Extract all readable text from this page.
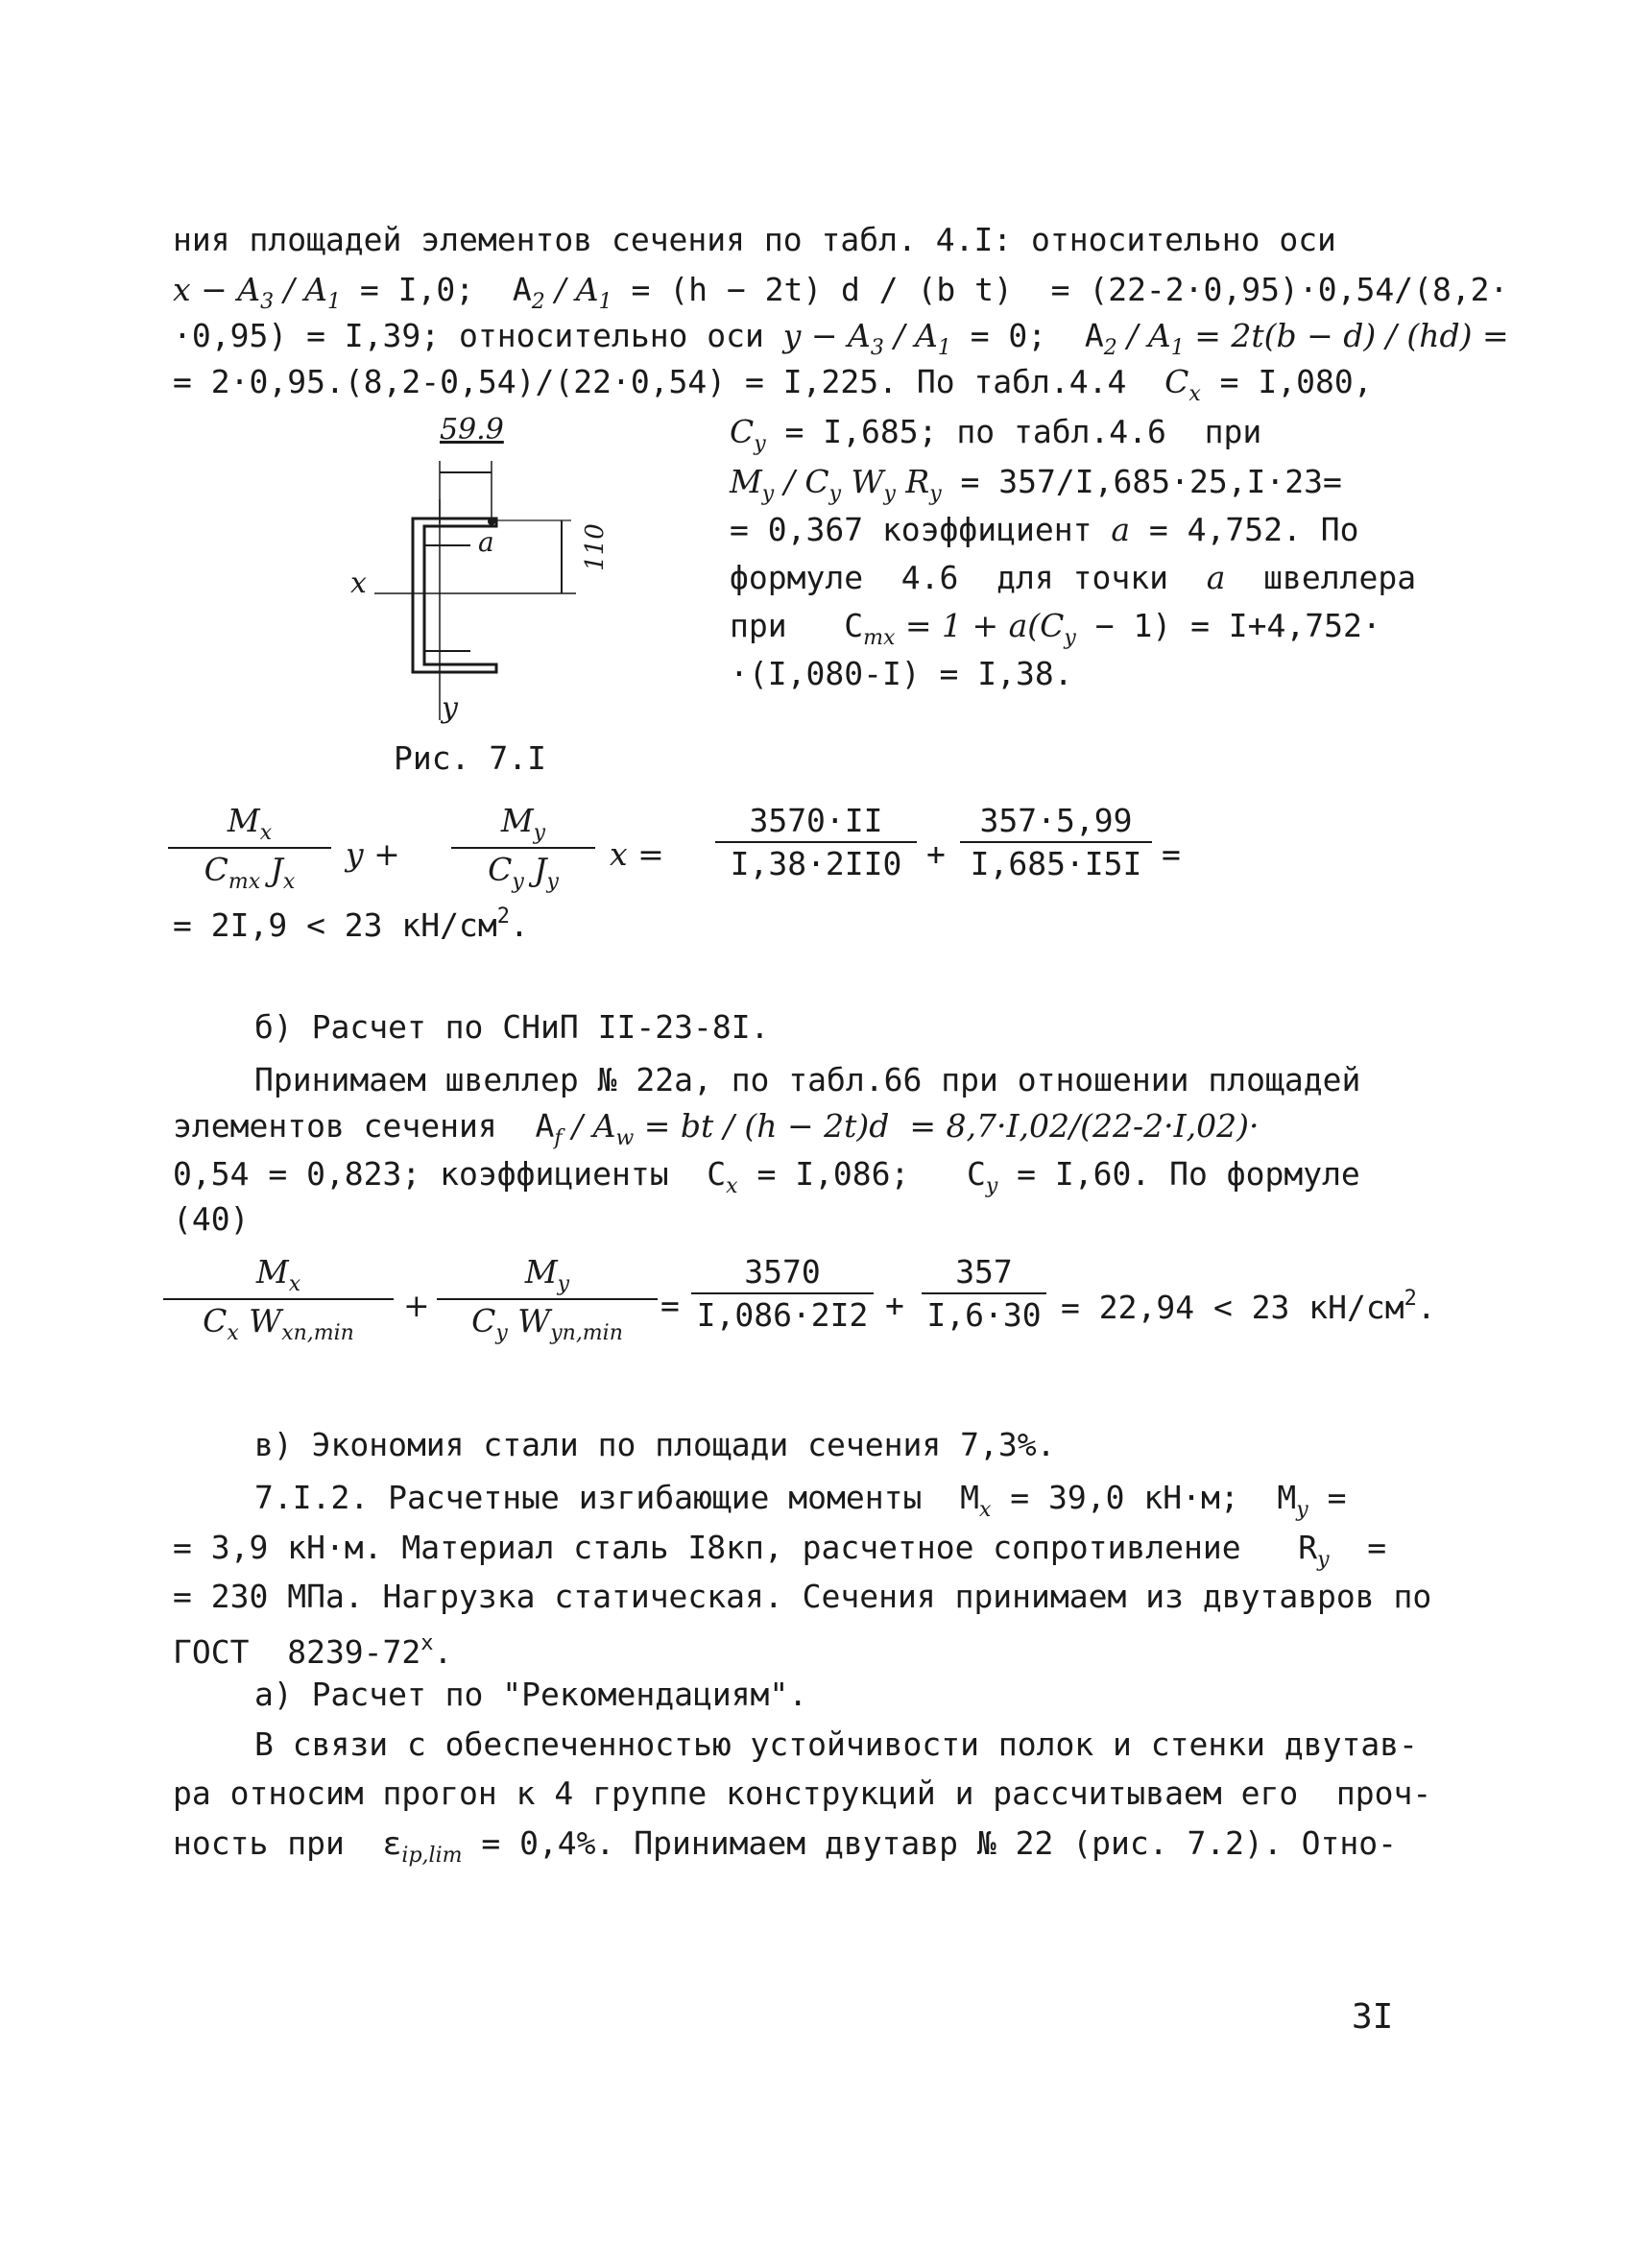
ния площадей элементов сечения по табл. 4.I: относительно оси
$x - A_3 / A_1 = I,0$;  $A_2 / A_1 = (h - 2t)$ d / (b t)  = (22-2·0,95)·0,54/(8,2·
·0,95) = I,39; относительно оси $y - A_3 / A_1 = 0$;  $A_2 / A_1 = 2t(b - d) / (hd)$ =
= 2·0,95.(8,2-0,54)/(22·0,54) = I,225. По табл.4.4 $C_x = I,080$,
59.9
110
a
x
y
Рис. 7.I
$C_y = I,685$; по табл.4.6  при
$M_y / C_y$ $W_y$ $R_y = 357/I,685\cdot 25,I\cdot 23=$
= 0,367 коэффициент a = 4,752. По
формуле  4.6  для точки  a  швеллера
при   $C_{mx} = 1 + a(C_y - 1) = I+4,752\cdot$
·(I,080-I) = I,38.
$M_x$
$C_{mx}$ $J_x$
y +
$M_y$
$C_y$ $J_y$
x =
3570·II
I,38·2II0 +
357·5,99
I,685·I5I =
= 2I,9 < 23 $кН/см^2$.
б) Расчет по СНиП II-23-8I.
Принимаем швеллер № 22а, по табл.66 при отношении площадей
элементов сечения  $A_f / A_w$ = bt / (h − 2t)d  = 8,7·I,02/(22-2·I,02)·
0,54 = 0,823; коэффициенты  $C_x = I,086$;   $C_y = I,60$. По формуле
(40)
$M_x$
$C_x$ $W_{xn,min}$
+
$M_y$
$C_y$ $W_{yn,min}$
=
3570
I,086·2I2 +
357
I,6·30 = 22,94 < 23 $кН/см^2$.
в) Экономия стали по площади сечения 7,3%.
7.I.2. Расчетные изгибающие моменты  $M_x = 39,0$ кН·м;  $M_y$ =
= 3,9 кН·м. Материал сталь I8кп, расчетное сопротивление   $R_y$  =
= 230 МПа. Нагрузка статическая. Сечения принимаем из двутавров по
ГОСТ  8239-72$^x$.
а) Расчет по "Рекомендациям".
В связи с обеспеченностью устойчивости полок и стенки двутав-
ра относим прогон к 4 группе конструкций и рассчитываем его  проч-
ность при  $\varepsilon_{ip,lim} = 0,4\%$. Принимаем двутавр № 22 (рис. 7.2). Отно-
3I
